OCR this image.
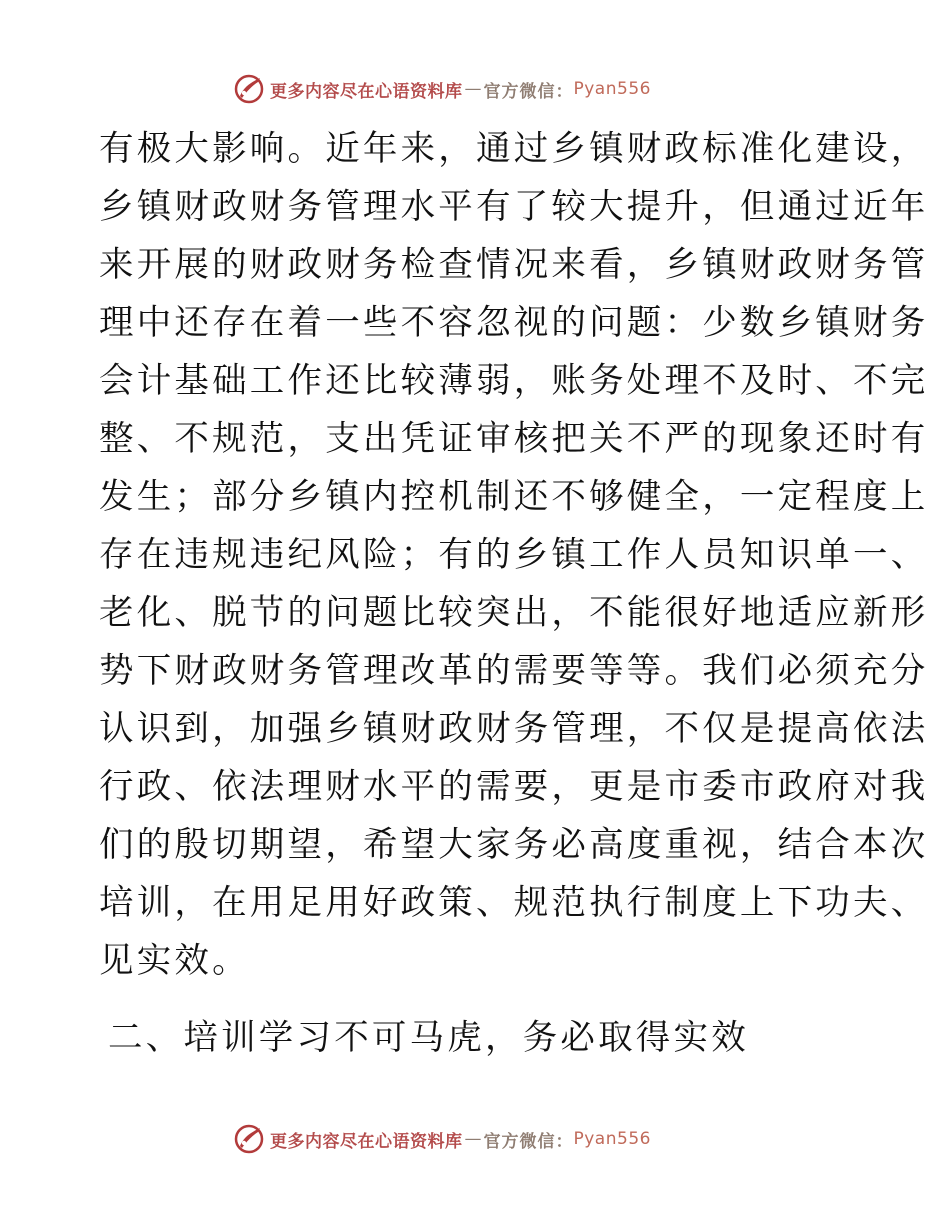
更多内容尽在心语资料库 — 官方微信： Pyan556
有极大影响。近年来，通过乡镇财政标准化建设，
乡镇财政财务管理水平有了较大提升，但通过近年
来开展的财政财务检查情况来看，乡镇财政财务管
理中还存在着一些不容忽视的问题：少数乡镇财务
会计基础工作还比较薄弱，账务处理不及时、不完
整、不规范，支出凭证审核把关不严的现象还时有
发生；部分乡镇内控机制还不够健全，一定程度上
存在违规违纪风险；有的乡镇工作人员知识单一、
老化、脱节的问题比较突出，不能很好地适应新形
势下财政财务管理改革的需要等等。我们必须充分
认识到，加强乡镇财政财务管理，不仅是提高依法
行政、依法理财水平的需要，更是市委市政府对我
们的殷切期望，希望大家务必高度重视，结合本次
培训，在用足用好政策、规范执行制度上下功夫、
见实效。
二、培训学习不可马虎，务必取得实效
更多内容尽在心语资料库 — 官方微信： Pyan556
